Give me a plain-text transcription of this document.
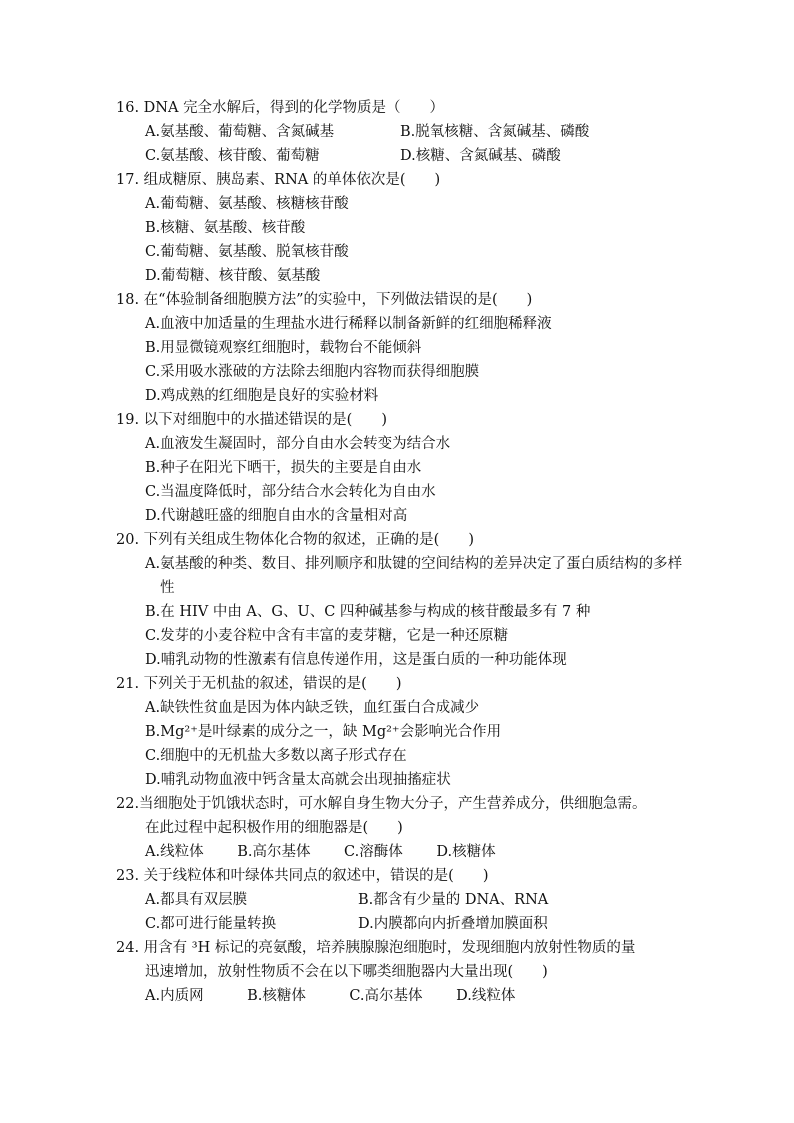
16. DNA 完全水解后，得到的化学物质是（　　）
A.氨基酸、葡萄糖、含氮碱基	B.脱氧核糖、含氮碱基、磷酸
C.氨基酸、核苷酸、葡萄糖	D.核糖、含氮碱基、磷酸
17. 组成糖原、胰岛素、RNA 的单体依次是(　　)
A.葡萄糖、氨基酸、核糖核苷酸
B.核糖、氨基酸、核苷酸
C.葡萄糖、氨基酸、脱氧核苷酸
D.葡萄糖、核苷酸、氨基酸
18. 在“体验制备细胞膜方法”的实验中，下列做法错误的是(　　)
A.血液中加适量的生理盐水进行稀释以制备新鲜的红细胞稀释液
B.用显微镜观察红细胞时，载物台不能倾斜
C.采用吸水涨破的方法除去细胞内容物而获得细胞膜
D.鸡成熟的红细胞是良好的实验材料
19. 以下对细胞中的水描述错误的是(　　)
A.血液发生凝固时，部分自由水会转变为结合水
B.种子在阳光下晒干，损失的主要是自由水
C.当温度降低时，部分结合水会转化为自由水
D.代谢越旺盛的细胞自由水的含量相对高
20. 下列有关组成生物体化合物的叙述，正确的是(　　)
A.氨基酸的种类、数目、排列顺序和肽键的空间结构的差异决定了蛋白质结构的多样
性
B.在 HIV 中由 A、G、U、C 四种碱基参与构成的核苷酸最多有 7 种
C.发芽的小麦谷粒中含有丰富的麦芽糖，它是一种还原糖
D.哺乳动物的性激素有信息传递作用，这是蛋白质的一种功能体现
21. 下列关于无机盐的叙述，错误的是(　　)
A.缺铁性贫血是因为体内缺乏铁，血红蛋白合成减少
B.Mg²⁺是叶绿素的成分之一，缺 Mg²⁺会影响光合作用
C.细胞中的无机盐大多数以离子形式存在
D.哺乳动物血液中钙含量太高就会出现抽搐症状
22.当细胞处于饥饿状态时，可水解自身生物大分子，产生营养成分，供细胞急需。
在此过程中起积极作用的细胞器是(　　)
A.线粒体　　 B.高尔基体　　 C.溶酶体　　 D.核糖体
23. 关于线粒体和叶绿体共同点的叙述中，错误的是(　　)
A.都具有双层膜	B.都含有少量的 DNA、RNA
C.都可进行能量转换	D.内膜都向内折叠增加膜面积
24. 用含有 ³H 标记的亮氨酸，培养胰腺腺泡细胞时，发现细胞内放射性物质的量
迅速增加，放射性物质不会在以下哪类细胞器内大量出现(　　)
A.内质网　　　B.核糖体　　　C.高尔基体　　 D.线粒体
